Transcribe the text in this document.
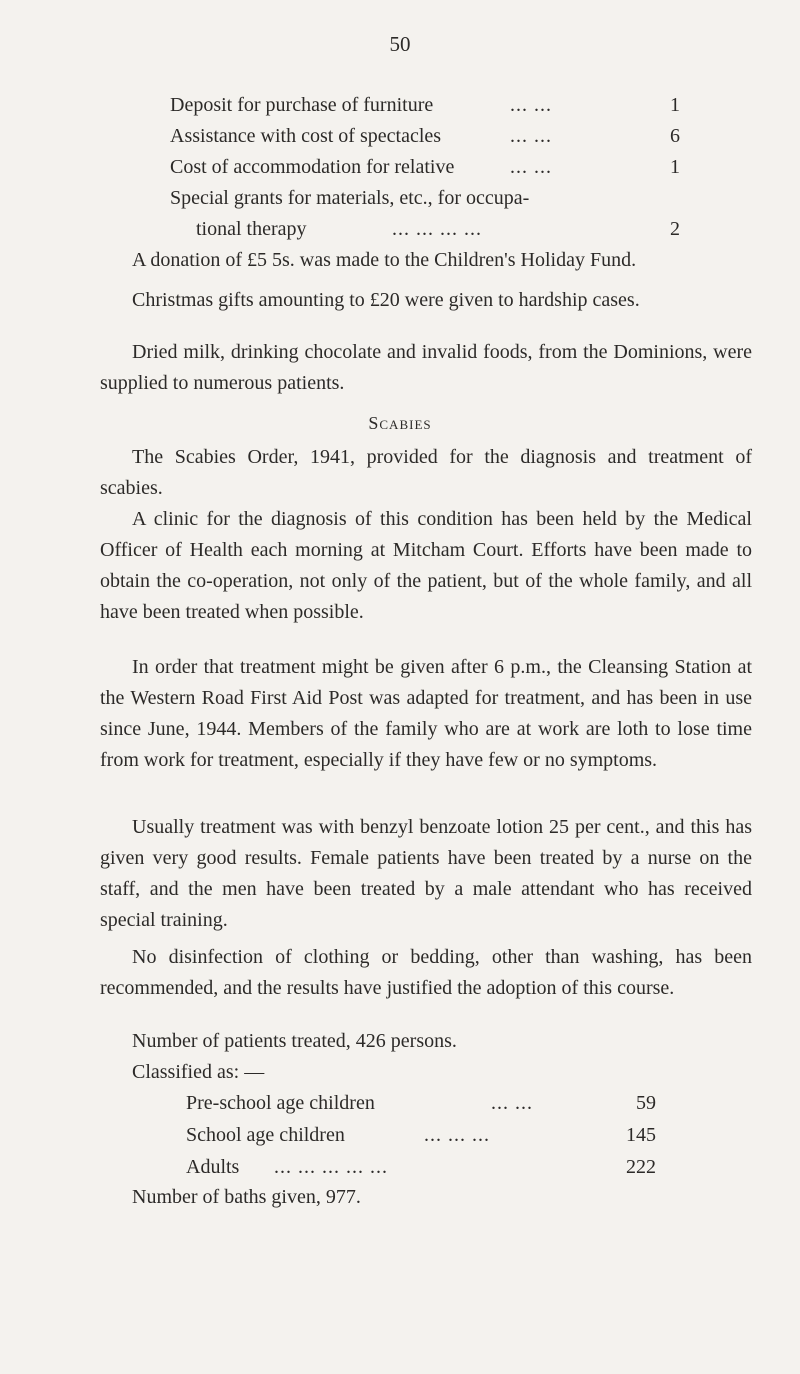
50
Deposit for purchase of furniture	... ...	1
Assistance with cost of spectacles	... ...	6
Cost of accommodation for relative	... ...	1
Special grants for materials, etc., for occupa-
tional therapy	... ... ... ...	2

A donation of £5 5s. was made to the Children's Holiday Fund.

Christmas gifts amounting to £20 were given to hardship cases.

Dried milk, drinking chocolate and invalid foods, from the Dominions, were supplied to numerous patients.

Scabies

The Scabies Order, 1941, provided for the diagnosis and treatment of scabies.

A clinic for the diagnosis of this condition has been held by the Medical Officer of Health each morning at Mitcham Court. Efforts have been made to obtain the co-operation, not only of the patient, but of the whole family, and all have been treated when possible.

In order that treatment might be given after 6 p.m., the Cleansing Station at the Western Road First Aid Post was adapted for treatment, and has been in use since June, 1944. Members of the family who are at work are loth to lose time from work for treatment, especially if they have few or no symptoms.

Usually treatment was with benzyl benzoate lotion 25 per cent., and this has given very good results. Female patients have been treated by a nurse on the staff, and the men have been treated by a male attendant who has received special training.

No disinfection of clothing or bedding, other than washing, has been recommended, and the results have justified the adoption of this course.

Number of patients treated, 426 persons.

Classified as: —

Pre-school age children	... ...	59
School age children	... ... ...	145
Adults ... ... ... ... ...	222

Number of baths given, 977.
